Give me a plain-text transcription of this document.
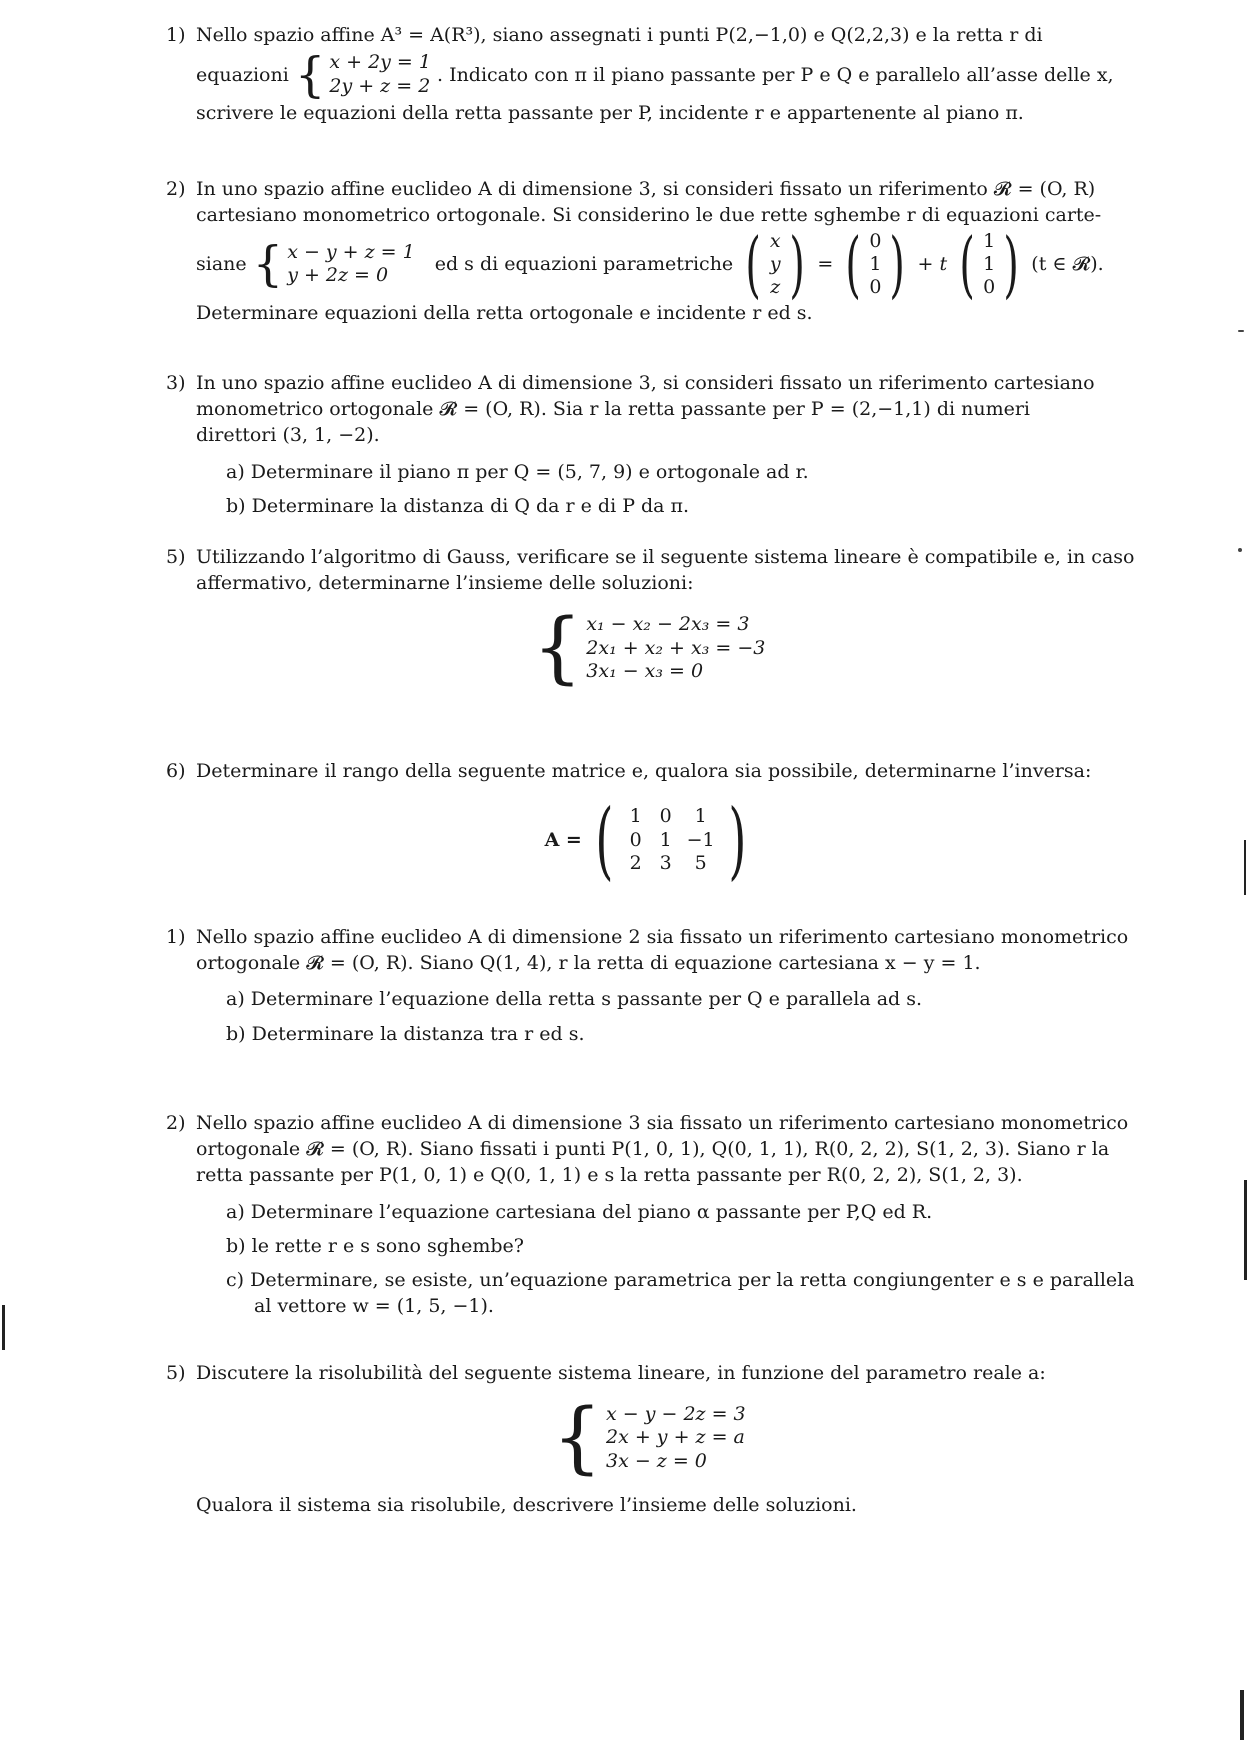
1) Nello spazio affine A³ = A(R³), siano assegnati i punti P(2,−1,0) e Q(2,2,3) e la retta r di
equazioni { x + 2y = 1
2y + z = 2
. Indicato con π il piano passante per P e Q e parallelo all’asse delle x,
scrivere le equazioni della retta passante per P, incidente r e appartenente al piano π.
2) In uno spazio affine euclideo A di dimensione 3, si consideri fissato un riferimento 𝓡 = (O, R)
cartesiano monometrico ortogonale. Si considerino le due rette sghembe r di equazioni carte-
siane { x − y + z = 1
y + 2z = 0
ed s di equazioni parametriche ( x
y
z ) = ( 0
1
0 ) + t ( 1
1
0 ) (t ∈ 𝓡).
Determinare equazioni della retta ortogonale e incidente r ed s.
3) In uno spazio affine euclideo A di dimensione 3, si consideri fissato un riferimento cartesiano
monometrico ortogonale 𝓡 = (O, R). Sia r la retta passante per P = (2,−1,1) di numeri
direttori (3, 1, −2).
a) Determinare il piano π per Q = (5, 7, 9) e ortogonale ad r.
b) Determinare la distanza di Q da r e di P da π.
5) Utilizzando l’algoritmo di Gauss, verificare se il seguente sistema lineare è compatibile e, in caso
affermativo, determinarne l’insieme delle soluzioni:
{ x₁ − x₂ − 2x₃ = 3
2x₁ + x₂ + x₃ = −3
3x₁ − x₃ = 0
6) Determinare il rango della seguente matrice e, qualora sia possibile, determinarne l’inversa:
A = ( 1 0	1
0 1 −1
2 3	5 )
1) Nello spazio affine euclideo A di dimensione 2 sia fissato un riferimento cartesiano monometrico
ortogonale 𝓡 = (O, R). Siano Q(1, 4), r la retta di equazione cartesiana x − y = 1.
a) Determinare l’equazione della retta s passante per Q e parallela ad s.
b) Determinare la distanza tra r ed s.
2) Nello spazio affine euclideo A di dimensione 3 sia fissato un riferimento cartesiano monometrico
ortogonale 𝓡 = (O, R). Siano fissati i punti P(1, 0, 1), Q(0, 1, 1), R(0, 2, 2), S(1, 2, 3). Siano r la
retta passante per P(1, 0, 1) e Q(0, 1, 1) e s la retta passante per R(0, 2, 2), S(1, 2, 3).
a) Determinare l’equazione cartesiana del piano α passante per P,Q ed R.
b) le rette r e s sono sghembe?
c) Determinare, se esiste, un’equazione parametrica per la retta congiungenter e s e parallela
al vettore w = (1, 5, −1).
5) Discutere la risolubilità del seguente sistema lineare, in funzione del parametro reale a:
{ x − y − 2z = 3
2x + y + z = a
3x − z = 0
Qualora il sistema sia risolubile, descrivere l’insieme delle soluzioni.
